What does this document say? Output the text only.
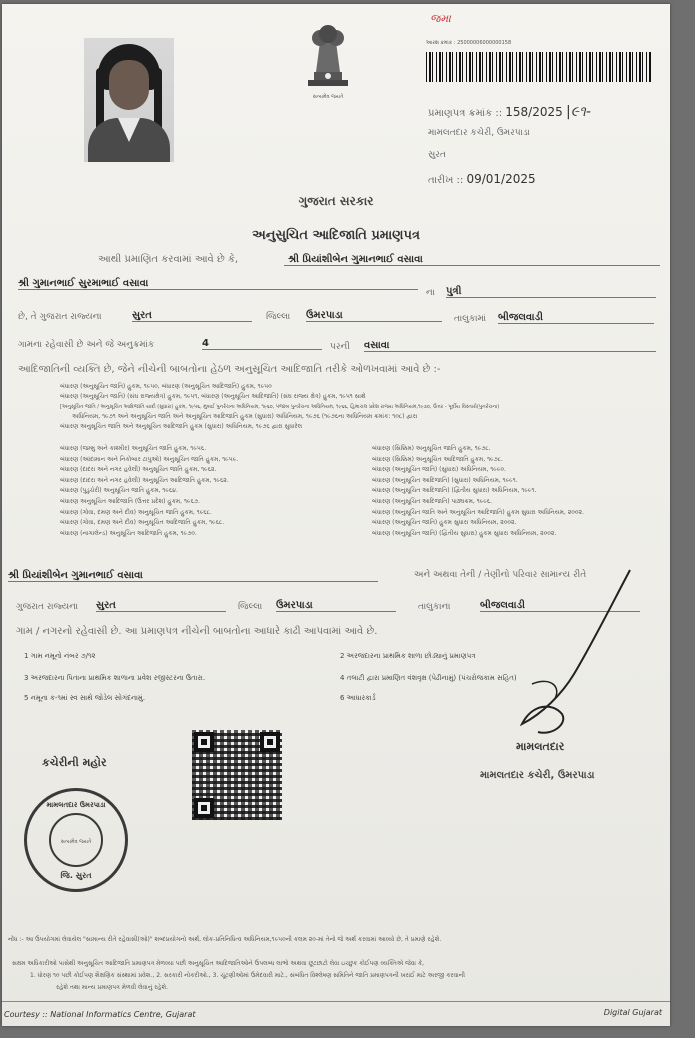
જમા
સત્યમેવ જયતે
આરશ ક્રમાંક : 25000006000000158
પ્રમાણપત્ર ક્રમાંક :: 158/2025 |૯૧-
મામલતદાર કચેરી, ઉમરપાડા
સુરત
તારીખ :: 09/01/2025
ગુજરાત સરકાર
અનુસુચિત આદિજાતિ પ્રમાણપત્ર
આથી પ્રમાણિત કરવામાં આવે છે કે,	શ્રી પ્રિયાંશીબેન ગુમાનભાઈ વસાવા
શ્રી ગુમાનભાઈ સુરમાભાઈ વસાવા
ના પુત્રી
છે, તે ગુજરાત રાજ્યના	સુરત	જિલ્લા ઉમરપાડા	તાલુકામાં બીજલવાડી
ગામના રહેવાસી છે અને જે અનુક્રમાંક	4	પરની વસાવા
આદિજાતિની વ્યક્તિ છે, જેને નીચેની બાબતોના હેઠળ અનુસૂચિત આદિજાતિ તરીકે ઓળખવામાં આવે છે :-
બંધારણ (અનુસૂચિત જાતિ) હુકમ, ૧૯૫૦, બંધારણ (અનુસૂચિત આદિજાતિ) હુકમ, ૧૯૫૦
બંધારણ (અનુસૂચિત જાતિ) (સંઘ રાજ્યક્ષેત્ર) હુકમ, ૧૯૫૧, બંધારણ (અનુસૂચિત આદિજાતિ) (સંઘ રાજ્ય ક્ષેત્ર) હુકમ, ૧૯૫૧ સાથે
[અનુસૂચિત જાતિ / અનુસૂચિત આદિજાતિ યાદી (સુધારા) હુકમ, ૧૯૫૬, મુંબઈ પુનર્રચના અધિનિયમ, ૧૯૬૦, પંજાબ પુનર્રચના અધિનિયમ, ૧૯૬૬, હિમાચલ પ્રદેશ રાજ્ય અધિનિયમ,૧૯૭૦, ઉત્તર - પૂર્વીય વિસ્તારો(પુનર્રચના)
અધિનિયમ, ૧૯૭૧ અને અનુસૂચિત જાતિ અને અનુસૂચિત આદિજાતિ હુકમ (સુધારા) અધિનિયમ, ૧૯૭૬ (૧૯૭૬ના અધિનિયમ ક્રમાંક: ૧૦૮) દ્વારા
બંધારણ અનુસૂચિત જાતિ અને અનુસૂચિત આદિજાતિ હુકમ (સુધારા) અધિનિયમ, ૧૯૭૬ દ્વારા સુધારેલ
બંધારણ (જમ્મુ અને કાશ્મીર) અનુસૂચિત જાતિ હુકમ, ૧૯૫૬.
બંધારણ (આંદામાન અને નિકોબાર ટાપુઓ) અનુસૂચિત જાતિ હુકમ, ૧૯૫૯.
બંધારણ (દાદરા અને નગર હવેલી) અનુસૂચિત જાતિ હુકમ, ૧૯૬૨.
બંધારણ (દાદરા અને નગર હવેલી) અનુસૂચિત આદિજાતિ હુકમ, ૧૯૬૨.
બંધારણ (પુડુચેરી) અનુસૂચિત જાતિ હુકમ, ૧૯૬૪.
બંધારણ અનુસૂચિત આદિજાતિ (ઉત્તર પ્રદેશ) હુકમ, ૧૯૬૭.
બંધારણ (ગોવા, દમણ અને દીવ) અનુસૂચિત જાતિ હુકમ, ૧૯૬૮.
બંધારણ (ગોવા, દમણ અને દીવ) અનુસૂચિત આદિજાતિ હુકમ, ૧૯૬૮.
બંધારણ (નાગાલેન્ડ) અનુસૂચિત આદિજાતિ હુકમ, ૧૯૭૦.
બંધારણ (સિક્કિમ) અનુસૂચિત જાતિ હુકમ, ૧૯૭૮.
બંધારણ (સિક્કિમ) અનુસૂચિત આદિજાતિ હુકમ, ૧૯૭૮.
બંધારણ (અનુસૂચિત જાતિ) (સુધારા) અધિનિયમ, ૧૯૯૦.
બંધારણ (અનુસૂચિત આદિજાતિ) (સુધારા) અધિનિયમ, ૧૯૯૧.
બંધારણ (અનુસૂચિત આદિજાતિ) (દ્વિતીય સુધારા) અધિનિયમ, ૧૯૯૧.
બંધારણ (અનુસૂચિત આદિજાતિ) પાઠ્યક્રમ, ૧૯૯૬.
બંધારણ (અનુસૂચિત જાતિ અને અનુસૂચિત આદિજાતિ) હુકમ સુધારા અધિનિયમ, ૨૦૦૨.
બંધારણ (અનુસૂચિત જાતિ) હુકમ સુધારા અધિનિયમ, ૨૦૦૨.
બંધારણ (અનુસૂચિત જાતિ) (દ્વિતીય સુધારા) હુકમ સુધારા અધિનિયમ, ૨૦૦૨.
શ્રી પ્રિયાંશીબેન ગુમાનભાઈ વસાવા	અને અથવા તેની / તેણીનો પરિવાર સામાન્ય રીતે
ગુજરાત રાજ્યના સુરત	જિલ્લા ઉમરપાડા	તાલુકાના	બીજલવાડી
ગામ / નગરનો રહેવાસી છે. આ પ્રમાણપત્ર નીચેની બાબતોના આધારે કાઢી આપવામાં આવે છે.
1 ગામ નમૂનો નંબર ૭/૧૨	2 અરજદારના પ્રાથમિક શાળા છોડ્યાનું પ્રમાણપત્ર
3 અરજદારના પિતાના પ્રાથમિક શાળાના પ્રવેશ રજીસ્ટરના ઉતારા.	4 તલાટી દ્વારા પ્રમાણિત વંશવૃક્ષ (પેઢીનામું) (પંચરોજકામ સહિત)
5 નમૂના ક-૧માં સ્વ સાથે જોડેલ સોગંદનામું.	6 આધારકાર્ડ
કચેરીની મહોર
મામલતદાર
મામલતદાર કચેરી, ઉમરપાડા
મામલતદાર ઉમરપાડા
સત્યમેવ જયતે
જિ. સુરત
નોંધ :- આ ઉપયોગમાં લેવાયેલ "સામાન્ય રીતે રહેવાસી(ઓ)" શબ્દપ્રયોગનો અર્થ, લોક-પ્રતિનિધિત્વ અધિનિયમ,૧૯૫૦ની કલમ ૨૦-માં તેનો જે અર્થ કરવામાં આવ્યો છે, તે પ્રમાણે રહેશે.
સક્ષમ અધિકારીઓ પાસેથી અનુસૂચિત આદિજાતિ પ્રમાણપત્ર મેળવ્યા પછી અનુસૂચિત આદિજાતિઓને ઉપલબ્ધ લાભો અથવા છૂટછાટો લેવા ઇચ્છુક કોઈપણ વ્યક્તિએ જેવા કે,
1. ધોરણ ૧૦ પછી કોઈપણ શૈક્ષણિક સંસ્થામાં પ્રવેશ., 2. સરકારી નોકરીઓ., 3. ચૂંટણીઓમાં ઉમેદવારી માટે., સંબંધિત વિશ્લેષણ સમિતિને જાતિ પ્રમાણપત્રની ખરાઈ માટે અરજી કરવાની
રહેશે તથા માન્ય પ્રમાણપત્ર મેળવી લેવાનું રહેશે.
Courtesy :: National Informatics Centre, Gujarat	Digital Gujarat
